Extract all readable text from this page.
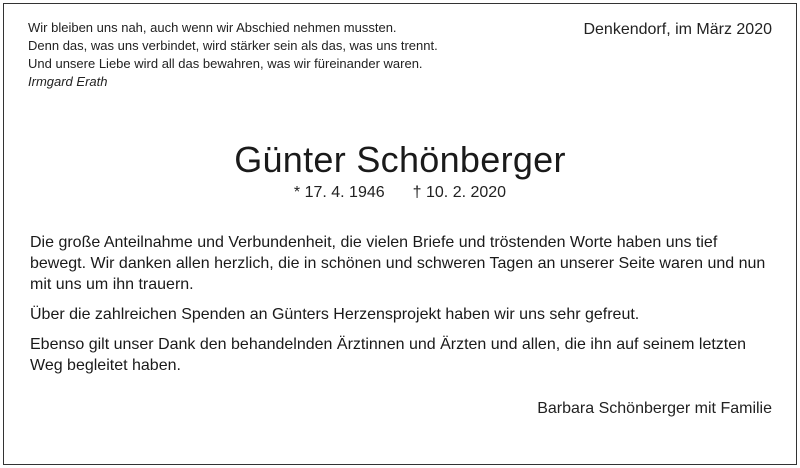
Wir bleiben uns nah, auch wenn wir Abschied nehmen mussten.
Denn das, was uns verbindet, wird stärker sein als das, was uns trennt.
Und unsere Liebe wird all das bewahren, was wir füreinander waren.
Irmgard Erath
Denkendorf, im März 2020
Günter Schönberger
* 17. 4. 1946 † 10. 2. 2020

Die große Anteilnahme und Verbundenheit, die vielen Briefe und tröstenden Worte haben uns tief bewegt. Wir danken allen herzlich, die in schönen und schweren Tagen an unserer Seite waren und nun mit uns um ihn trauern.

Über die zahlreichen Spenden an Günters Herzensprojekt haben wir uns sehr gefreut.

Ebenso gilt unser Dank den behandelnden Ärztinnen und Ärzten und allen, die ihn auf seinem letzten Weg begleitet haben.

Barbara Schönberger mit Familie
